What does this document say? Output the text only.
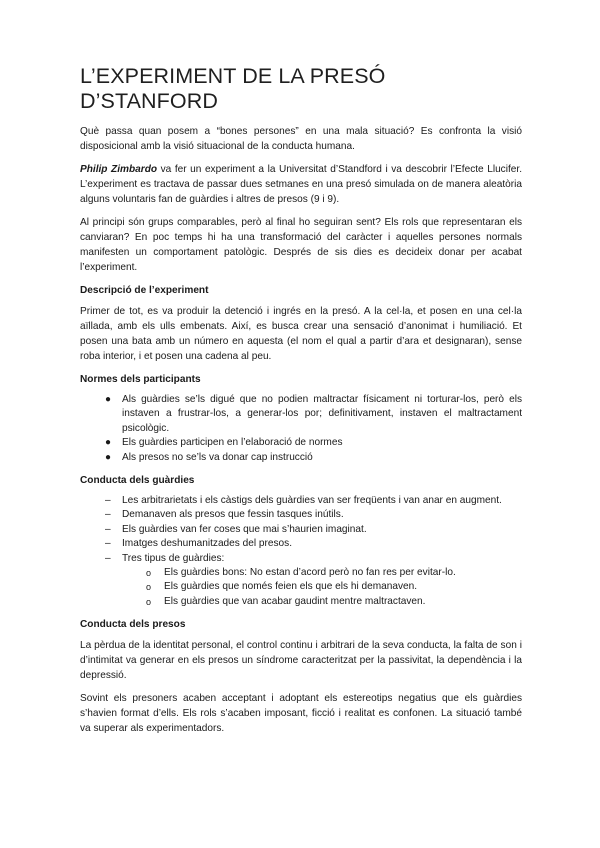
L’EXPERIMENT DE LA PRESÓ D’STANFORD

Què passa quan posem a “bones persones” en una mala situació? Es confronta la visió disposicional amb la visió situacional de la conducta humana.

Philip Zimbardo va fer un experiment a la Universitat d’Standford i va descobrir l’Efecte Llucifer. L’experiment es tractava de passar dues setmanes en una presó simulada on de manera aleatòria alguns voluntaris fan de guàrdies i altres de presos (9 i 9).

Al principi són grups comparables, però al final ho seguiran sent? Els rols que representaran els canviaran? En poc temps hi ha una transformació del caràcter i aquelles persones normals manifesten un comportament patològic. Després de sis dies es decideix donar per acabat l’experiment.

Descripció de l’experiment

Primer de tot, es va produir la detenció i ingrés en la presó. A la cel·la, et posen en una cel·la aïllada, amb els ulls embenats. Així, es busca crear una sensació d’anonimat i humiliació. Et posen una bata amb un número en aquesta (el nom el qual a partir d’ara et designaran), sense roba interior, i et posen una cadena al peu.

Normes dels participants
● Als guàrdies se’ls digué que no podien maltractar físicament ni torturar-los, però els instaven a frustrar-los, a generar-los por; definitivament, instaven el maltractament psicològic.
● Els guàrdies participen en l’elaboració de normes
● Als presos no se’ls va donar cap instrucció
Conducta dels guàrdies
– Les arbitrarietats i els càstigs dels guàrdies van ser freqüents i van anar en augment.
– Demanaven als presos que fessin tasques inútils.
– Els guàrdies van fer coses que mai s’haurien imaginat.
– Imatges deshumanitzades del presos.
– Tres tipus de guàrdies:
o Els guàrdies bons: No estan d’acord però no fan res per evitar-lo.
o Els guàrdies que només feien els que els hi demanaven.
o Els guàrdies que van acabar gaudint mentre maltractaven.
Conducta dels presos

La pèrdua de la identitat personal, el control continu i arbitrari de la seva conducta, la falta de son i d’intimitat va generar en els presos un síndrome caracteritzat per la passivitat, la dependència i la depressió.

Sovint els presoners acaben acceptant i adoptant els estereotips negatius que els guàrdies s’havien format d’ells. Els rols s’acaben imposant, ficció i realitat es confonen. La situació també va superar als experimentadors.
